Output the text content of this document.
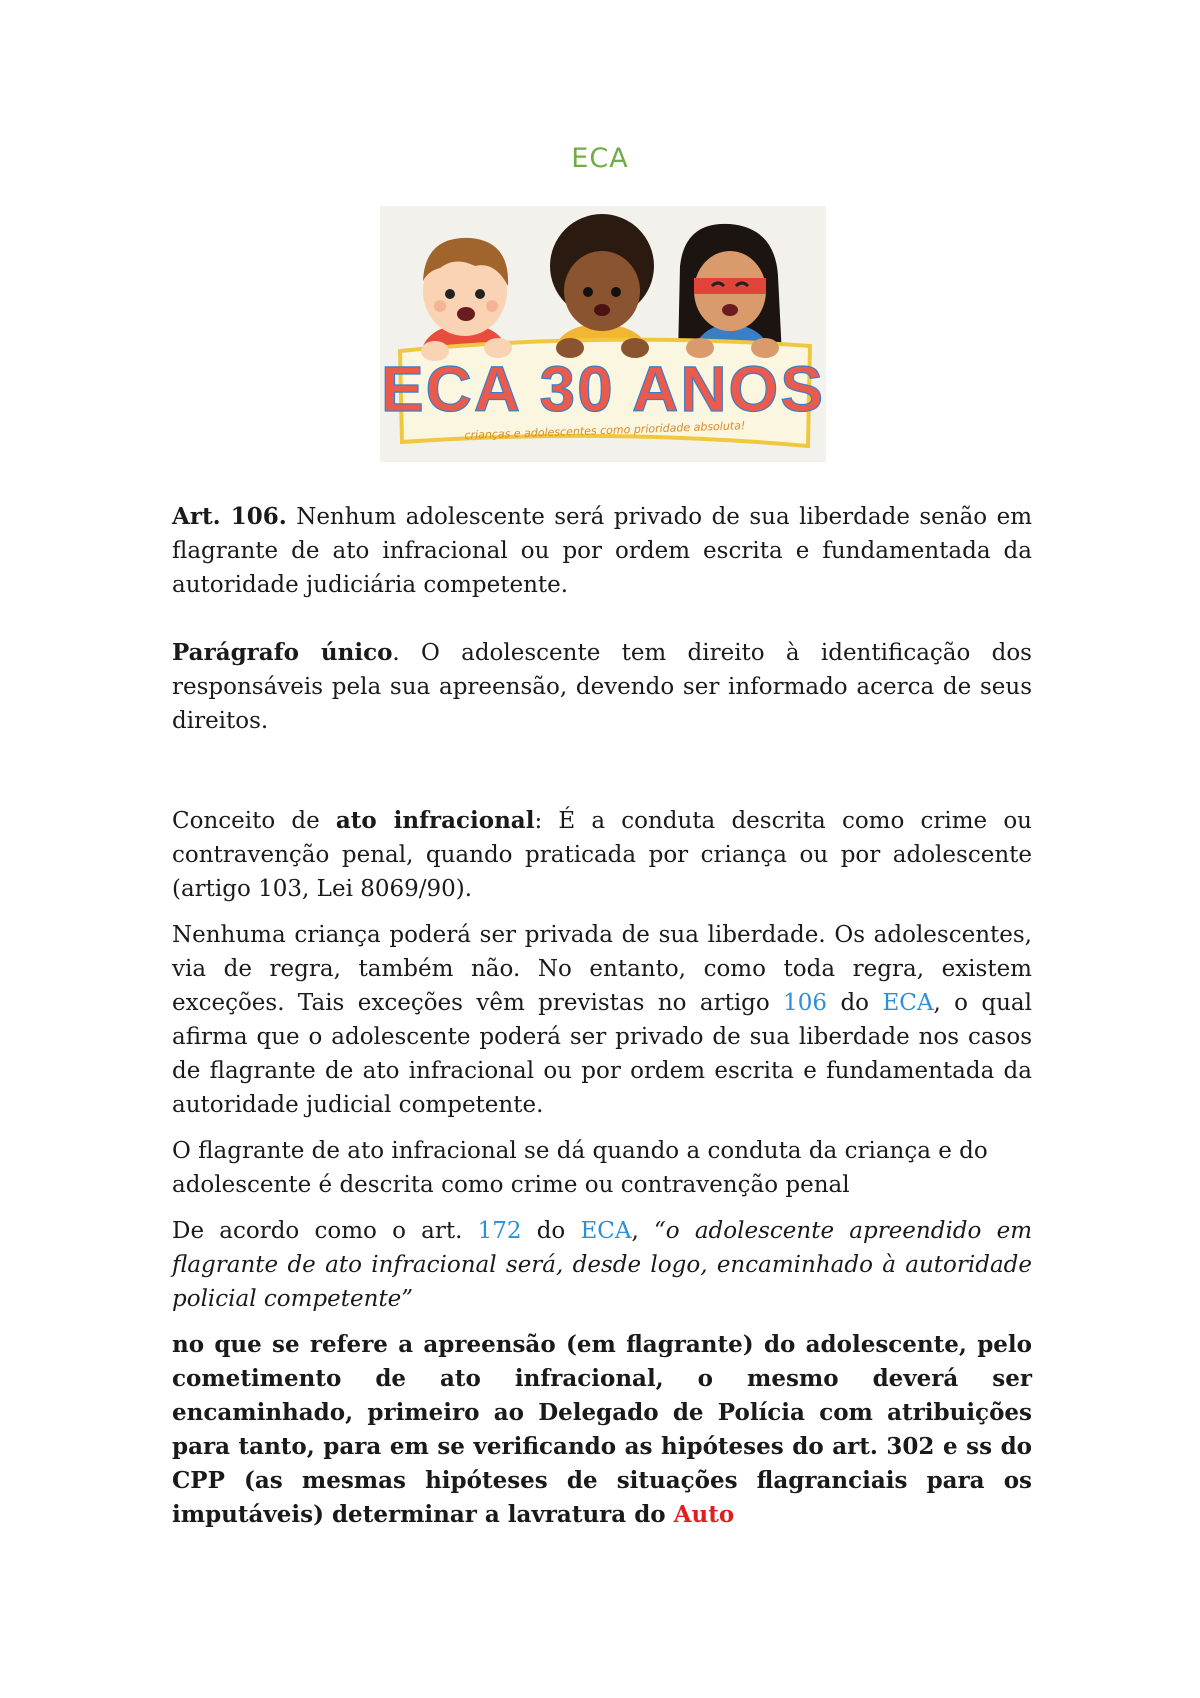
ECA
ECA 30 ANOS
crianças e adolescentes como prioridade absoluta!

Art. 106. Nenhum adolescente será privado de sua liberdade senão em flagrante de ato infracional ou por ordem escrita e fundamentada da autoridade judiciária competente.

Parágrafo único. O adolescente tem direito à identificação dos responsáveis pela sua apreensão, devendo ser informado acerca de seus direitos.

Conceito de ato infracional: É a conduta descrita como crime ou contravenção penal, quando praticada por criança ou por adolescente (artigo 103, Lei 8069/90).

Nenhuma criança poderá ser privada de sua liberdade. Os adolescentes, via de regra, também não. No entanto, como toda regra, existem exceções. Tais exceções vêm previstas no artigo 106 do ECA, o qual afirma que o adolescente poderá ser privado de sua liberdade nos casos de flagrante de ato infracional ou por ordem escrita e fundamentada da autoridade judicial competente.

O flagrante de ato infracional se dá quando a conduta da criança e do adolescente é descrita como crime ou contravenção penal

De acordo como o art. 172 do ECA, “o adolescente apreendido em flagrante de ato infracional será, desde logo, encaminhado à autoridade policial competente”

no que se refere a apreensão (em flagrante) do adolescente, pelo cometimento de ato infracional, o mesmo deverá ser encaminhado, primeiro ao Delegado de Polícia com atribuições para tanto, para em se verificando as hipóteses do art. 302 e ss do CPP (as mesmas hipóteses de situações flagranciais para os imputáveis) determinar a lavratura do Auto
